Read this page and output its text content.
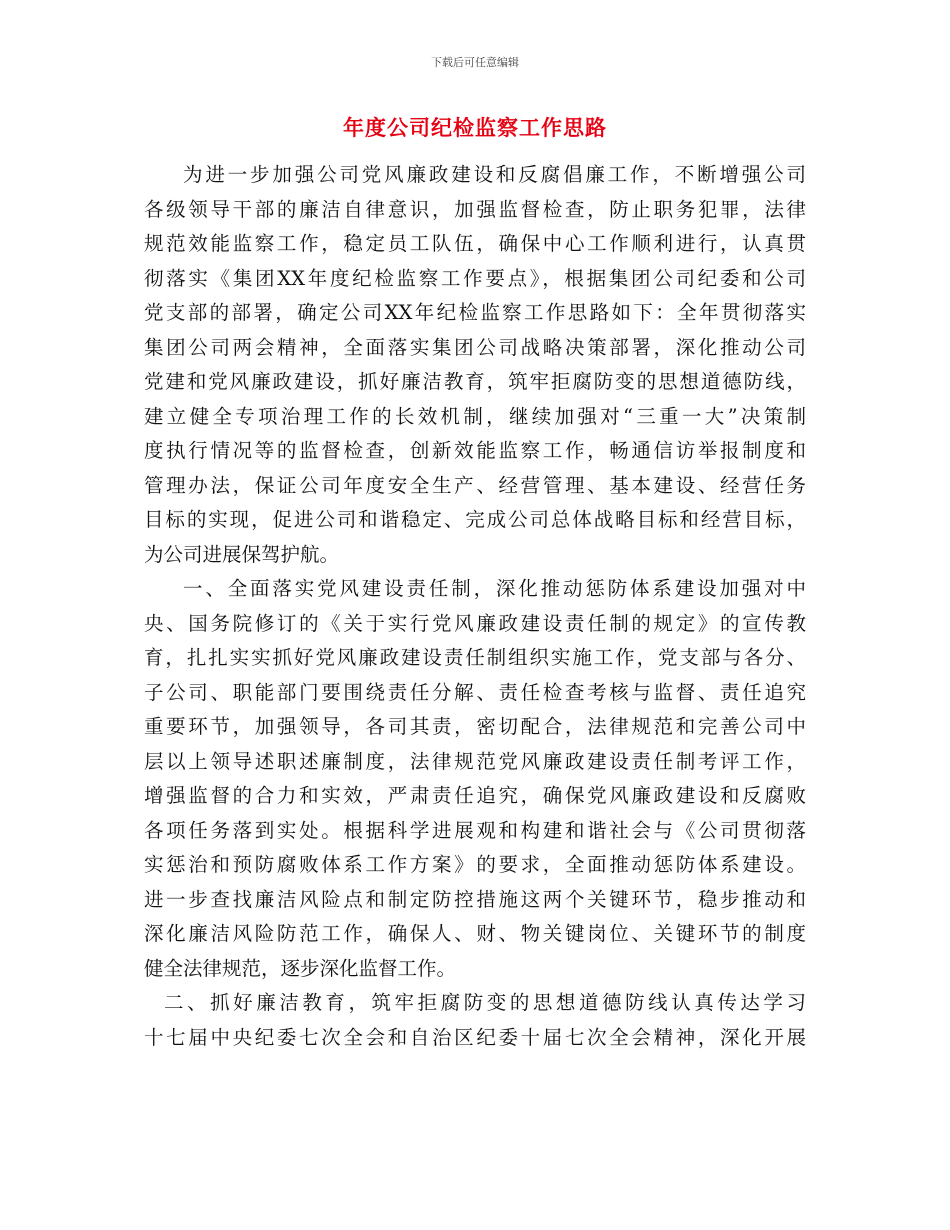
下载后可任意编辑
年度公司纪检监察工作思路
为进一步加强公司党风廉政建设和反腐倡廉工作，不断增强公司
各级领导干部的廉洁自律意识，加强监督检查，防止职务犯罪，法律
规范效能监察工作，稳定员工队伍，确保中心工作顺利进行，认真贯
彻落实《集团XX年度纪检监察工作要点》，根据集团公司纪委和公司
党支部的部署，确定公司XX年纪检监察工作思路如下：全年贯彻落实
集团公司两会精神，全面落实集团公司战略决策部署，深化推动公司
党建和党风廉政建设，抓好廉洁教育，筑牢拒腐防变的思想道德防线，
建立健全专项治理工作的长效机制，继续加强对“三重一大”决策制
度执行情况等的监督检查，创新效能监察工作，畅通信访举报制度和
管理办法，保证公司年度安全生产、经营管理、基本建设、经营任务
目标的实现，促进公司和谐稳定、完成公司总体战略目标和经营目标，
为公司进展保驾护航。
一、全面落实党风建设责任制，深化推动惩防体系建设加强对中
央、国务院修订的《关于实行党风廉政建设责任制的规定》的宣传教
育，扎扎实实抓好党风廉政建设责任制组织实施工作，党支部与各分、
子公司、职能部门要围绕责任分解、责任检查考核与监督、责任追究
重要环节，加强领导，各司其责，密切配合，法律规范和完善公司中
层以上领导述职述廉制度，法律规范党风廉政建设责任制考评工作，
增强监督的合力和实效，严肃责任追究，确保党风廉政建设和反腐败
各项任务落到实处。根据科学进展观和构建和谐社会与《公司贯彻落
实惩治和预防腐败体系工作方案》的要求，全面推动惩防体系建设。
进一步查找廉洁风险点和制定防控措施这两个关键环节，稳步推动和
深化廉洁风险防范工作，确保人、财、物关键岗位、关键环节的制度
健全法律规范，逐步深化监督工作。
二、抓好廉洁教育，筑牢拒腐防变的思想道德防线认真传达学习
十七届中央纪委七次全会和自治区纪委十届七次全会精神，深化开展
